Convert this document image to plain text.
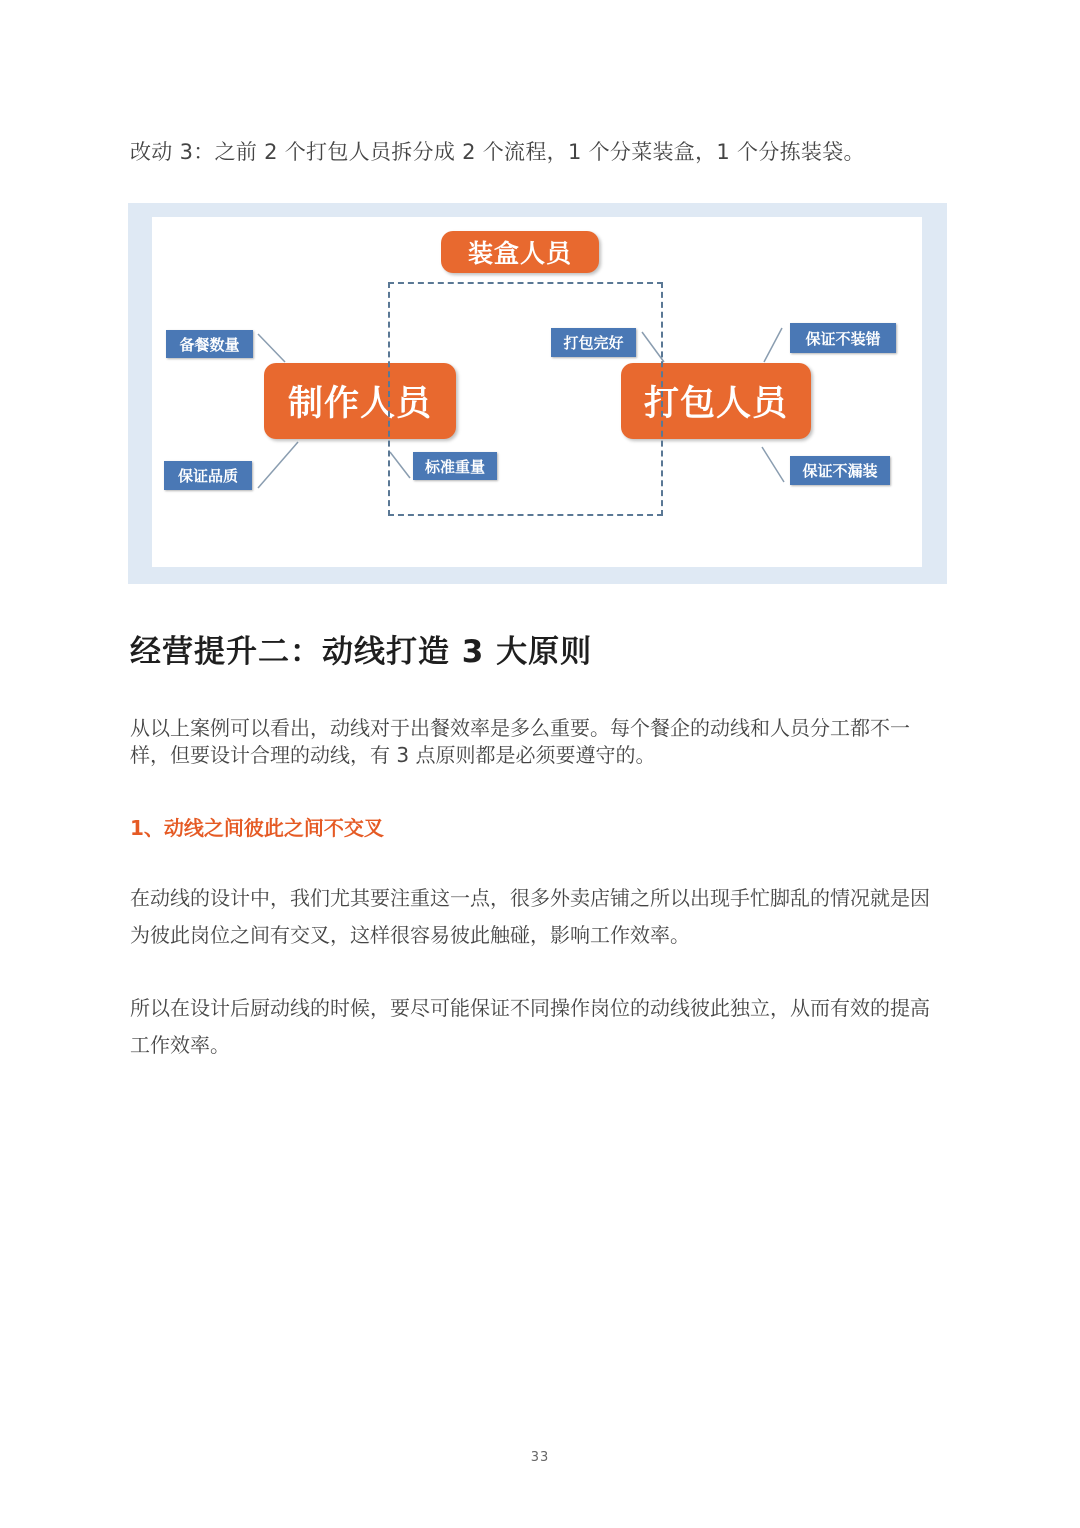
改动 3：之前 2 个打包人员拆分成 2 个流程，1 个分菜装盒，1 个分拣装袋。
装盒人员
制作人员	打包人员
备餐数量
保证品质
标准重量
打包完好	保证不装错
保证不漏装
经营提升二：动线打造 3 大原则

从以上案例可以看出，动线对于出餐效率是多么重要。每个餐企的动线和人员分工都不一样，但要设计合理的动线，有 3 点原则都是必须要遵守的。

1、动线之间彼此之间不交叉

在动线的设计中，我们尤其要注重这一点，很多外卖店铺之所以出现手忙脚乱的情况就是因为彼此岗位之间有交叉，这样很容易彼此触碰，影响工作效率。

所以在设计后厨动线的时候，要尽可能保证不同操作岗位的动线彼此独立，从而有效的提高工作效率。

33
